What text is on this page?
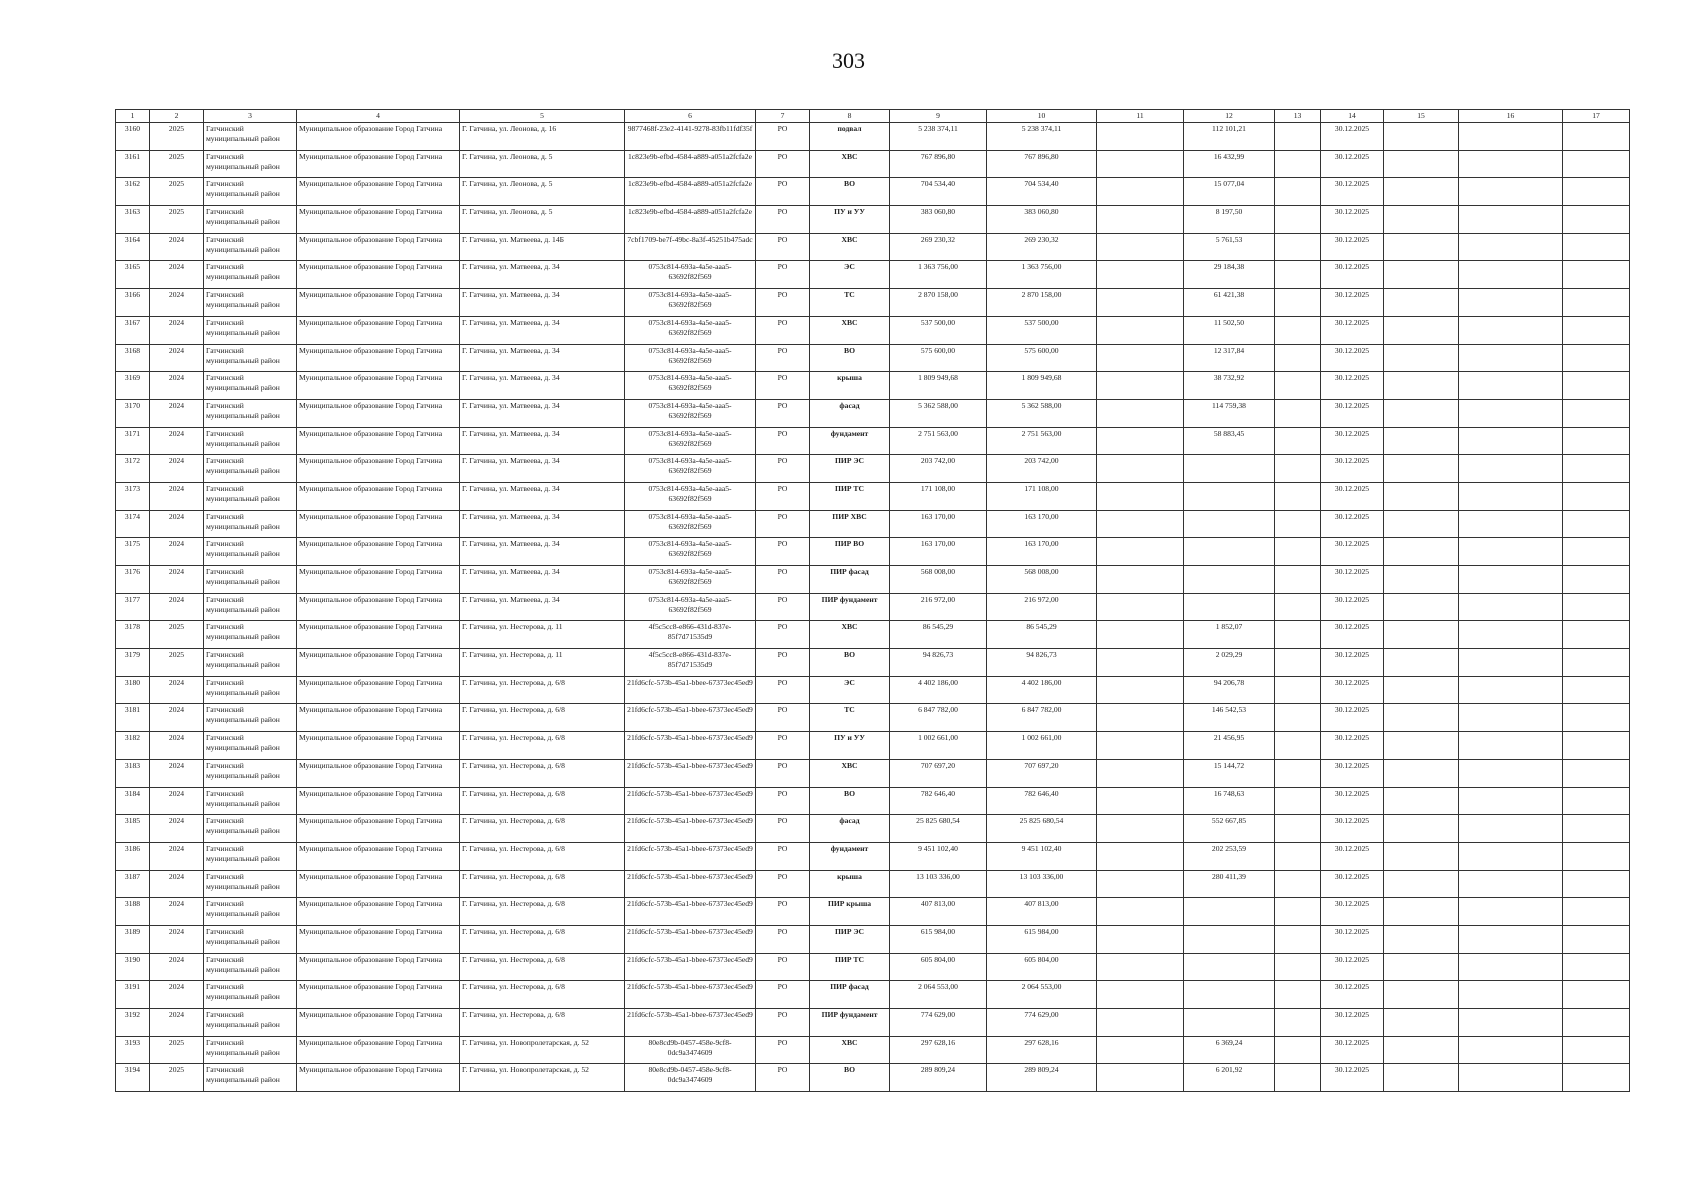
303
1	2	3	4	5	6	7	8	9	10	11	12	13	14	15	16	17
3160	2025	Гатчинский муниципальный район	Муниципальное образование Город Гатчина	Г. Гатчина, ул. Леонова, д. 16	9877468f-23e2-4141-9278-83fb11fdf35f	РО	подвал	5 238 374,11	5 238 374,11		112 101,21		30.12.2025			
3161	2025	Гатчинский муниципальный район	Муниципальное образование Город Гатчина	Г. Гатчина, ул. Леонова, д. 5	1c823e9b-efbd-4584-a889-a051a2fcfa2e	РО	ХВС	767 896,80	767 896,80		16 432,99		30.12.2025			
3162	2025	Гатчинский муниципальный район	Муниципальное образование Город Гатчина	Г. Гатчина, ул. Леонова, д. 5	1c823e9b-efbd-4584-a889-a051a2fcfa2e	РО	ВО	704 534,40	704 534,40		15 077,04		30.12.2025			
3163	2025	Гатчинский муниципальный район	Муниципальное образование Город Гатчина	Г. Гатчина, ул. Леонова, д. 5	1c823e9b-efbd-4584-a889-a051a2fcfa2e	РО	ПУ и УУ	383 060,80	383 060,80		8 197,50		30.12.2025			
3164	2024	Гатчинский муниципальный район	Муниципальное образование Город Гатчина	Г. Гатчина, ул. Матвеева, д. 14Б	7cbf1709-be7f-49bc-8a3f-45251b475adc	РО	ХВС	269 230,32	269 230,32		5 761,53		30.12.2025			
3165	2024	Гатчинский муниципальный район	Муниципальное образование Город Гатчина	Г. Гатчина, ул. Матвеева, д. 34	0753c814-693a-4a5e-aaa5-63692f82f569	РО	ЭС	1 363 756,00	1 363 756,00		29 184,38		30.12.2025			
3166	2024	Гатчинский муниципальный район	Муниципальное образование Город Гатчина	Г. Гатчина, ул. Матвеева, д. 34	0753c814-693a-4a5e-aaa5-63692f82f569	РО	ТС	2 870 158,00	2 870 158,00		61 421,38		30.12.2025			
3167	2024	Гатчинский муниципальный район	Муниципальное образование Город Гатчина	Г. Гатчина, ул. Матвеева, д. 34	0753c814-693a-4a5e-aaa5-63692f82f569	РО	ХВС	537 500,00	537 500,00		11 502,50		30.12.2025			
3168	2024	Гатчинский муниципальный район	Муниципальное образование Город Гатчина	Г. Гатчина, ул. Матвеева, д. 34	0753c814-693a-4a5e-aaa5-63692f82f569	РО	ВО	575 600,00	575 600,00		12 317,84		30.12.2025			
3169	2024	Гатчинский муниципальный район	Муниципальное образование Город Гатчина	Г. Гатчина, ул. Матвеева, д. 34	0753c814-693a-4a5e-aaa5-63692f82f569	РО	крыша	1 809 949,68	1 809 949,68		38 732,92		30.12.2025			
3170	2024	Гатчинский муниципальный район	Муниципальное образование Город Гатчина	Г. Гатчина, ул. Матвеева, д. 34	0753c814-693a-4a5e-aaa5-63692f82f569	РО	фасад	5 362 588,00	5 362 588,00		114 759,38		30.12.2025			
3171	2024	Гатчинский муниципальный район	Муниципальное образование Город Гатчина	Г. Гатчина, ул. Матвеева, д. 34	0753c814-693a-4a5e-aaa5-63692f82f569	РО	фундамент	2 751 563,00	2 751 563,00		58 883,45		30.12.2025			
3172	2024	Гатчинский муниципальный район	Муниципальное образование Город Гатчина	Г. Гатчина, ул. Матвеева, д. 34	0753c814-693a-4a5e-aaa5-63692f82f569	РО	ПИР ЭС	203 742,00	203 742,00				30.12.2025			
3173	2024	Гатчинский муниципальный район	Муниципальное образование Город Гатчина	Г. Гатчина, ул. Матвеева, д. 34	0753c814-693a-4a5e-aaa5-63692f82f569	РО	ПИР ТС	171 108,00	171 108,00				30.12.2025			
3174	2024	Гатчинский муниципальный район	Муниципальное образование Город Гатчина	Г. Гатчина, ул. Матвеева, д. 34	0753c814-693a-4a5e-aaa5-63692f82f569	РО	ПИР ХВС	163 170,00	163 170,00				30.12.2025			
3175	2024	Гатчинский муниципальный район	Муниципальное образование Город Гатчина	Г. Гатчина, ул. Матвеева, д. 34	0753c814-693a-4a5e-aaa5-63692f82f569	РО	ПИР ВО	163 170,00	163 170,00				30.12.2025			
3176	2024	Гатчинский муниципальный район	Муниципальное образование Город Гатчина	Г. Гатчина, ул. Матвеева, д. 34	0753c814-693a-4a5e-aaa5-63692f82f569	РО	ПИР фасад	568 008,00	568 008,00				30.12.2025			
3177	2024	Гатчинский муниципальный район	Муниципальное образование Город Гатчина	Г. Гатчина, ул. Матвеева, д. 34	0753c814-693a-4a5e-aaa5-63692f82f569	РО	ПИР фундамент	216 972,00	216 972,00				30.12.2025			
3178	2025	Гатчинский муниципальный район	Муниципальное образование Город Гатчина	Г. Гатчина, ул. Нестерова, д. 11	4f5c5cc8-e866-431d-837e-85f7d71535d9	РО	ХВС	86 545,29	86 545,29		1 852,07		30.12.2025			
3179	2025	Гатчинский муниципальный район	Муниципальное образование Город Гатчина	Г. Гатчина, ул. Нестерова, д. 11	4f5c5cc8-e866-431d-837e-85f7d71535d9	РО	ВО	94 826,73	94 826,73		2 029,29		30.12.2025			
3180	2024	Гатчинский муниципальный район	Муниципальное образование Город Гатчина	Г. Гатчина, ул. Нестерова, д. 6/8	21fd6cfc-573b-45a1-bbee-67373ec45ed9	РО	ЭС	4 402 186,00	4 402 186,00		94 206,78		30.12.2025			
3181	2024	Гатчинский муниципальный район	Муниципальное образование Город Гатчина	Г. Гатчина, ул. Нестерова, д. 6/8	21fd6cfc-573b-45a1-bbee-67373ec45ed9	РО	ТС	6 847 782,00	6 847 782,00		146 542,53		30.12.2025			
3182	2024	Гатчинский муниципальный район	Муниципальное образование Город Гатчина	Г. Гатчина, ул. Нестерова, д. 6/8	21fd6cfc-573b-45a1-bbee-67373ec45ed9	РО	ПУ и УУ	1 002 661,00	1 002 661,00		21 456,95		30.12.2025			
3183	2024	Гатчинский муниципальный район	Муниципальное образование Город Гатчина	Г. Гатчина, ул. Нестерова, д. 6/8	21fd6cfc-573b-45a1-bbee-67373ec45ed9	РО	ХВС	707 697,20	707 697,20		15 144,72		30.12.2025			
3184	2024	Гатчинский муниципальный район	Муниципальное образование Город Гатчина	Г. Гатчина, ул. Нестерова, д. 6/8	21fd6cfc-573b-45a1-bbee-67373ec45ed9	РО	ВО	782 646,40	782 646,40		16 748,63		30.12.2025			
3185	2024	Гатчинский муниципальный район	Муниципальное образование Город Гатчина	Г. Гатчина, ул. Нестерова, д. 6/8	21fd6cfc-573b-45a1-bbee-67373ec45ed9	РО	фасад	25 825 680,54	25 825 680,54		552 667,85		30.12.2025			
3186	2024	Гатчинский муниципальный район	Муниципальное образование Город Гатчина	Г. Гатчина, ул. Нестерова, д. 6/8	21fd6cfc-573b-45a1-bbee-67373ec45ed9	РО	фундамент	9 451 102,40	9 451 102,40		202 253,59		30.12.2025			
3187	2024	Гатчинский муниципальный район	Муниципальное образование Город Гатчина	Г. Гатчина, ул. Нестерова, д. 6/8	21fd6cfc-573b-45a1-bbee-67373ec45ed9	РО	крыша	13 103 336,00	13 103 336,00		280 411,39		30.12.2025			
3188	2024	Гатчинский муниципальный район	Муниципальное образование Город Гатчина	Г. Гатчина, ул. Нестерова, д. 6/8	21fd6cfc-573b-45a1-bbee-67373ec45ed9	РО	ПИР крыша	407 813,00	407 813,00				30.12.2025			
3189	2024	Гатчинский муниципальный район	Муниципальное образование Город Гатчина	Г. Гатчина, ул. Нестерова, д. 6/8	21fd6cfc-573b-45a1-bbee-67373ec45ed9	РО	ПИР ЭС	615 984,00	615 984,00				30.12.2025			
3190	2024	Гатчинский муниципальный район	Муниципальное образование Город Гатчина	Г. Гатчина, ул. Нестерова, д. 6/8	21fd6cfc-573b-45a1-bbee-67373ec45ed9	РО	ПИР ТС	605 804,00	605 804,00				30.12.2025			
3191	2024	Гатчинский муниципальный район	Муниципальное образование Город Гатчина	Г. Гатчина, ул. Нестерова, д. 6/8	21fd6cfc-573b-45a1-bbee-67373ec45ed9	РО	ПИР фасад	2 064 553,00	2 064 553,00				30.12.2025			
3192	2024	Гатчинский муниципальный район	Муниципальное образование Город Гатчина	Г. Гатчина, ул. Нестерова, д. 6/8	21fd6cfc-573b-45a1-bbee-67373ec45ed9	РО	ПИР фундамент	774 629,00	774 629,00				30.12.2025			
3193	2025	Гатчинский муниципальный район	Муниципальное образование Город Гатчина	Г. Гатчина, ул. Новопролетарская, д. 52	80e8cd9b-0457-458e-9cf8-0dc9a3474609	РО	ХВС	297 628,16	297 628,16		6 369,24		30.12.2025			
3194	2025	Гатчинский муниципальный район	Муниципальное образование Город Гатчина	Г. Гатчина, ул. Новопролетарская, д. 52	80e8cd9b-0457-458e-9cf8-0dc9a3474609	РО	ВО	289 809,24	289 809,24		6 201,92		30.12.2025			
